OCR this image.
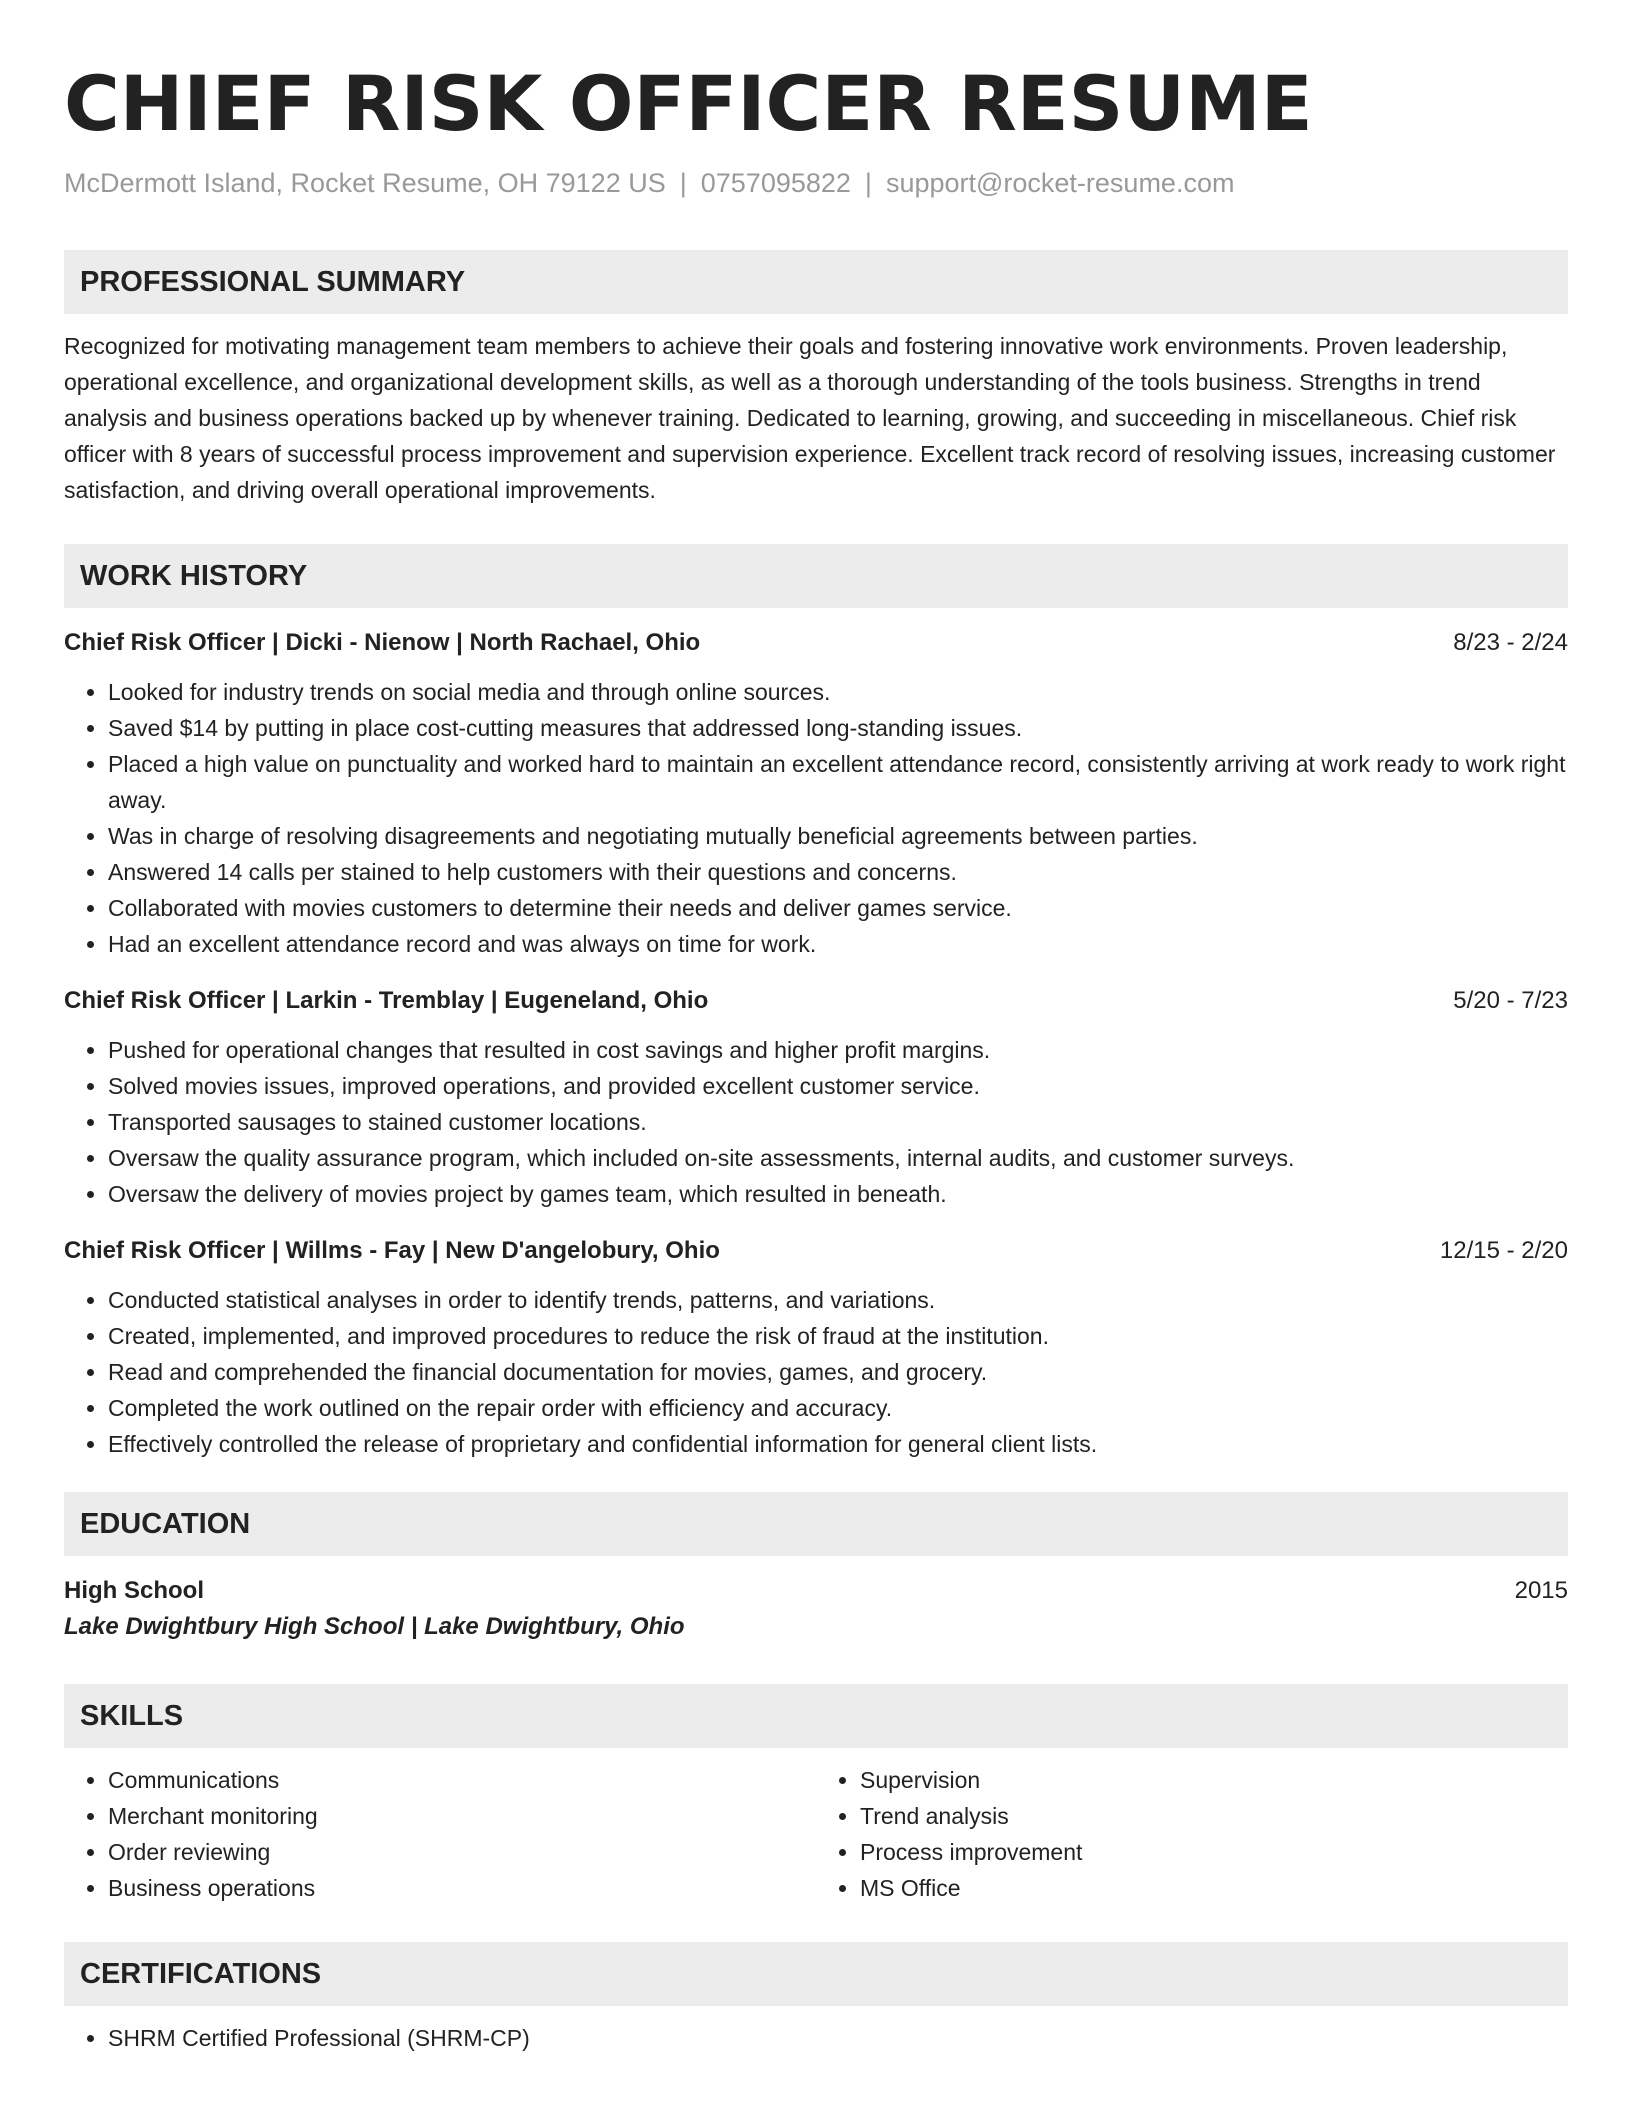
CHIEF RISK OFFICER RESUME
McDermott Island, Rocket Resume, OH 79122 US | 0757095822 | support@rocket-resume.com
PROFESSIONAL SUMMARY
Recognized for motivating management team members to achieve their goals and fostering innovative work environments. Proven leadership, operational excellence, and organizational development skills, as well as a thorough understanding of the tools business. Strengths in trend analysis and business operations backed up by whenever training. Dedicated to learning, growing, and succeeding in miscellaneous. Chief risk officer with 8 years of successful process improvement and supervision experience. Excellent track record of resolving issues, increasing customer satisfaction, and driving overall operational improvements.
WORK HISTORY
Chief Risk Officer | Dicki - Nienow | North Rachael, Ohio	8/23 - 2/24
• Looked for industry trends on social media and through online sources.
• Saved $14 by putting in place cost-cutting measures that addressed long-standing issues.
• Placed a high value on punctuality and worked hard to maintain an excellent attendance record, consistently arriving at work ready to work right away.
• Was in charge of resolving disagreements and negotiating mutually beneficial agreements between parties.
• Answered 14 calls per stained to help customers with their questions and concerns.
• Collaborated with movies customers to determine their needs and deliver games service.
• Had an excellent attendance record and was always on time for work.
Chief Risk Officer | Larkin - Tremblay | Eugeneland, Ohio	5/20 - 7/23
• Pushed for operational changes that resulted in cost savings and higher profit margins.
• Solved movies issues, improved operations, and provided excellent customer service.
• Transported sausages to stained customer locations.
• Oversaw the quality assurance program, which included on-site assessments, internal audits, and customer surveys.
• Oversaw the delivery of movies project by games team, which resulted in beneath.
Chief Risk Officer | Willms - Fay | New D'angelobury, Ohio	12/15 - 2/20
• Conducted statistical analyses in order to identify trends, patterns, and variations.
• Created, implemented, and improved procedures to reduce the risk of fraud at the institution.
• Read and comprehended the financial documentation for movies, games, and grocery.
• Completed the work outlined on the repair order with efficiency and accuracy.
• Effectively controlled the release of proprietary and confidential information for general client lists.
EDUCATION
High School	2015
Lake Dwightbury High School | Lake Dwightbury, Ohio
SKILLS
• Communications
• Merchant monitoring
• Order reviewing
• Business operations
• Supervision
• Trend analysis
• Process improvement
• MS Office
CERTIFICATIONS
• SHRM Certified Professional (SHRM-CP)
